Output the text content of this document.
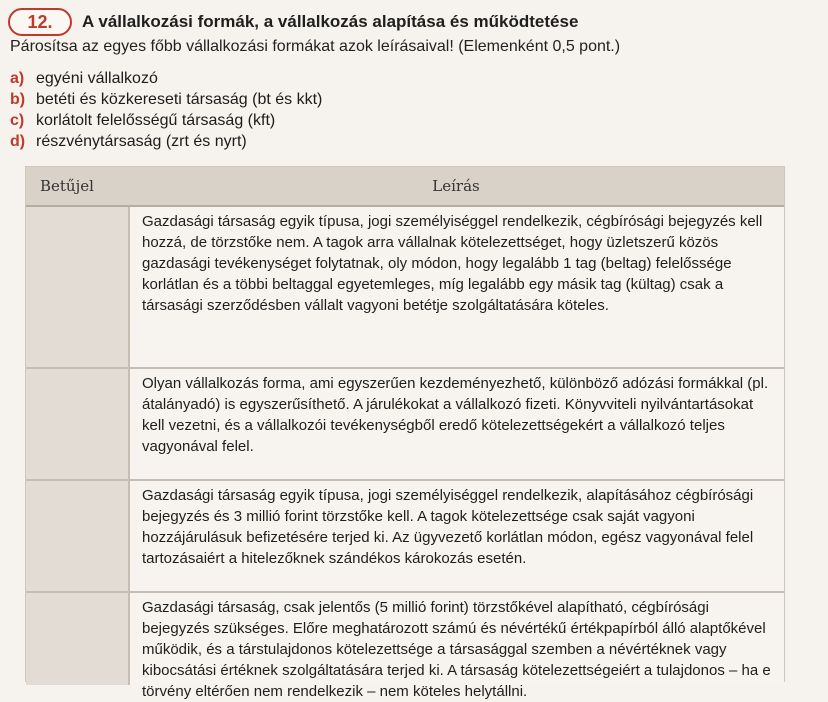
12.	A vállalkozási formák, a vállalkozás alapítása és működtetése
Párosítsa az egyes főbb vállalkozási formákat azok leírásaival! (Elemenként 0,5 pont.)
a) egyéni vállalkozó
b) betéti és közkereseti társaság (bt és kkt)
c) korlátolt felelősségű társaság (kft)
d) részvénytársaság (zrt és nyrt)
Betűjel	Leírás
Gazdasági társaság egyik típusa, jogi személyiséggel rendelkezik, cégbírósági bejegyzés kell hozzá, de törzstőke nem. A tagok arra vállalnak kötelezettséget, hogy üzletszerű közös gazdasági tevékenységet folytatnak, oly módon, hogy legalább 1 tag (beltag) felelőssége korlátlan és a többi beltaggal egyetemleges, míg legalább egy másik tag (kültag) csak a társasági szerződésben vállalt vagyoni betétje szolgáltatására köteles.
Olyan vállalkozás forma, ami egyszerűen kezdeményezhető, különböző adózási formákkal (pl. átalányadó) is egyszerűsíthető. A járulékokat a vállalkozó fizeti. Könyvviteli nyilvántartásokat kell vezetni, és a vállalkozói tevékenységből eredő kötelezettségekért a vállalkozó teljes vagyonával felel.
Gazdasági társaság egyik típusa, jogi személyiséggel rendelkezik, alapításához cégbírósági bejegyzés és 3 millió forint törzstőke kell. A tagok kötelezettsége csak saját vagyoni hozzájárulásuk befizetésére terjed ki. Az ügyvezető korlátlan módon, egész vagyonával felel tartozásaiért a hitelezőknek szándékos károkozás esetén.
Gazdasági társaság, csak jelentős (5 millió forint) törzstőkével alapítható, cégbírósági bejegyzés szükséges. Előre meghatározott számú és névértékű értékpapírból álló alaptőkével működik, és a társtulajdonos kötelezettsége a társasággal szemben a névértéknek vagy kibocsátási értéknek szolgáltatására terjed ki. A társaság kötelezettségeiért a tulajdonos – ha e törvény eltérően nem rendelkezik – nem köteles helytállni.
